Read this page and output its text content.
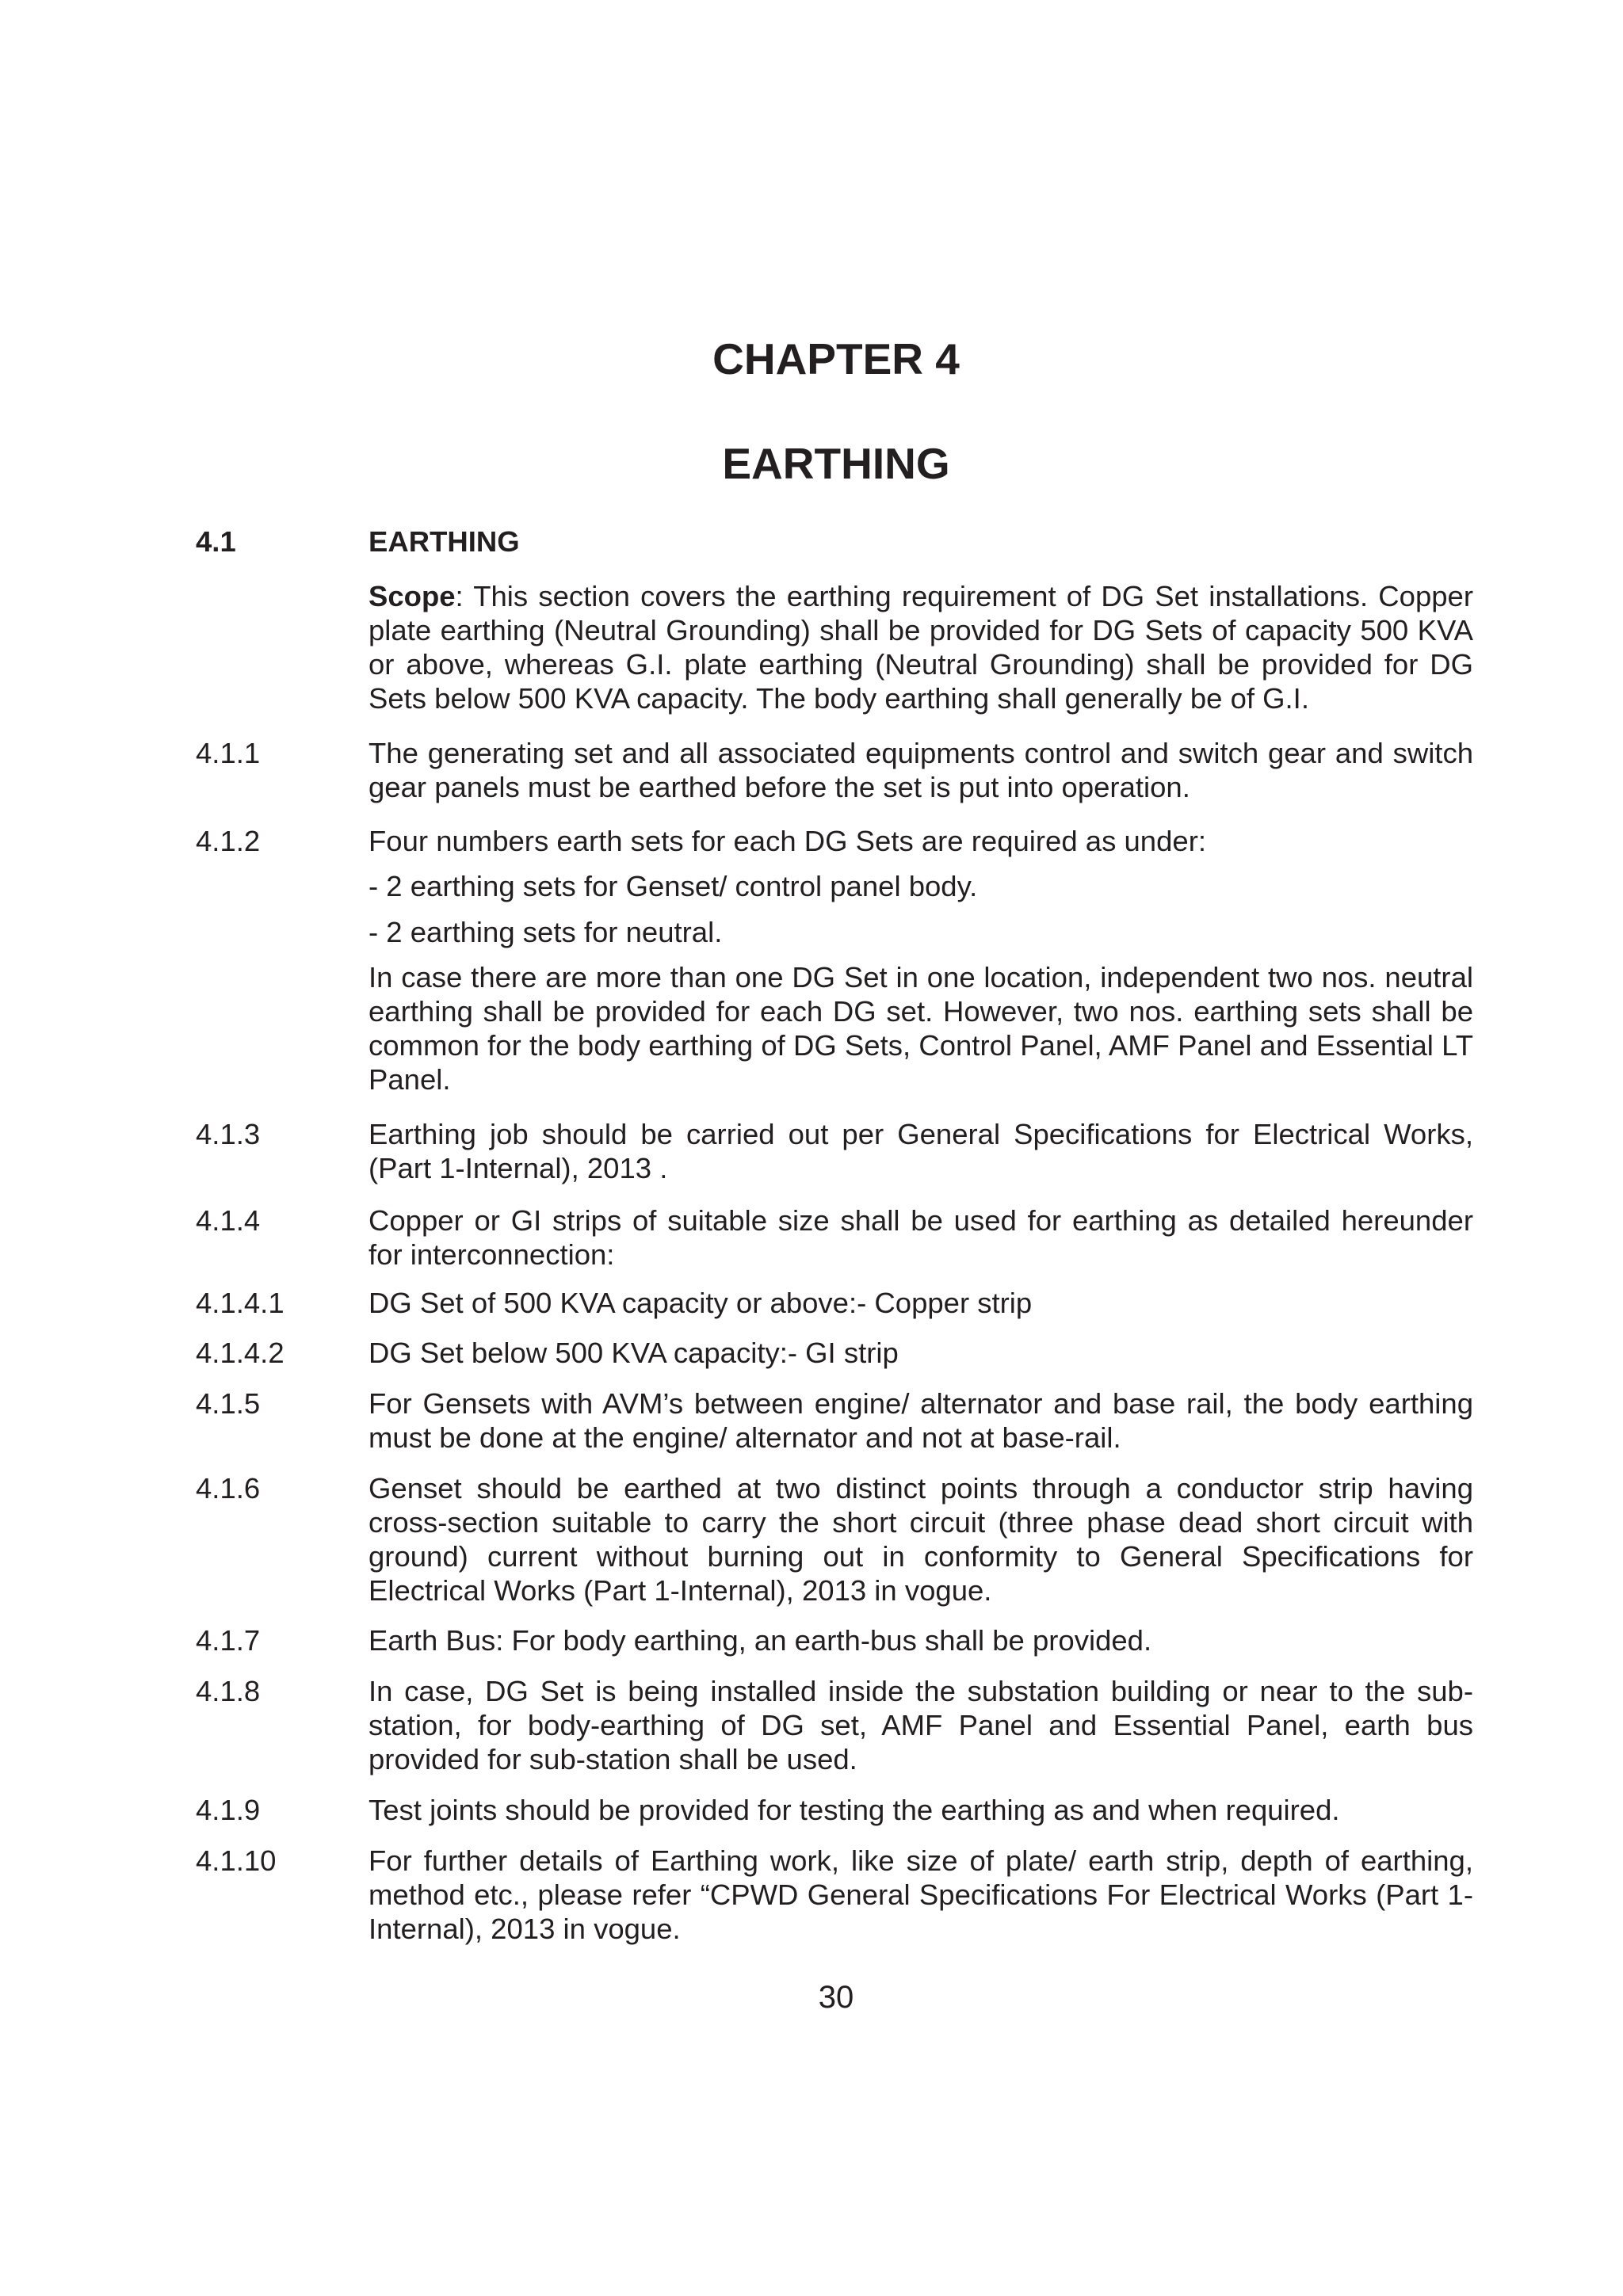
CHAPTER 4
EARTHING
4.1	EARTHING
Scope: This section covers the earthing requirement of DG Set installations. Copper plate earthing (Neutral Grounding) shall be provided for DG Sets of capacity 500 KVA or above, whereas G.I. plate earthing (Neutral Grounding) shall be provided for DG Sets below 500 KVA capacity. The body earthing shall generally be of G.I.
4.1.1	The generating set and all associated equipments control and switch gear and switch gear panels must be earthed before the set is put into operation.
4.1.2	Four numbers earth sets for each DG Sets are required as under:
- 2 earthing sets for Genset/ control panel body.
- 2 earthing sets for neutral.
In case there are more than one DG Set in one location, independent two nos. neutral earthing shall be provided for each DG set. However, two nos. earthing sets shall be common for the body earthing of DG Sets, Control Panel, AMF Panel and Essential LT Panel.
4.1.3	Earthing job should be carried out per General Specifications for Electrical Works, (Part 1-Internal), 2013 .
4.1.4	Copper or GI strips of suitable size shall be used for earthing as detailed hereunder for interconnection:
4.1.4.1	DG Set of 500 KVA capacity or above:- Copper strip
4.1.4.2	DG Set below 500 KVA capacity:- GI strip
4.1.5	For Gensets with AVM’s between engine/ alternator and base rail, the body earthing must be done at the engine/ alternator and not at base-rail.
4.1.6	Genset should be earthed at two distinct points through a conductor strip having cross-section suitable to carry the short circuit (three phase dead short circuit with ground) current without burning out in conformity to General Specifications for Electrical Works (Part 1-Internal), 2013 in vogue.
4.1.7	Earth Bus: For body earthing, an earth-bus shall be provided.
4.1.8	In case, DG Set is being installed inside the substation building or near to the sub-station, for body-earthing of DG set, AMF Panel and Essential Panel, earth bus provided for sub-station shall be used.
4.1.9	Test joints should be provided for testing the earthing as and when required.
4.1.10	For further details of Earthing work, like size of plate/ earth strip, depth of earthing, method etc., please refer “CPWD General Specifications For Electrical Works (Part 1-Internal), 2013 in vogue.
30
